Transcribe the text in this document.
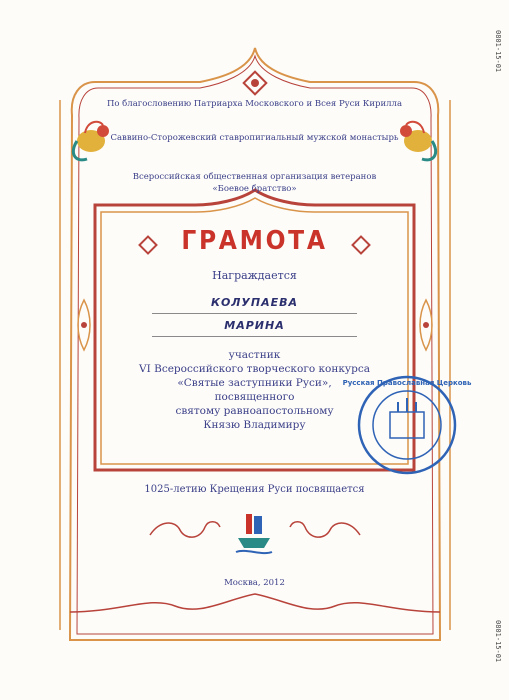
Русская Православная Церковь
0801-15-01
0801-15-01
По благословению Патриарха Московского и Всея Руси Кирилла
Саввино-Сторожевский ставропигиальный мужской монастырь
Всероссийская общественная организация ветеранов
«Боевое братство»
ГРАМОТА
Награждается
КОЛУПАЕВА
МАРИНА
участник
VI Всероссийского творческого конкурса
«Святые заступники Руси»,
посвященного
святому равноапостольному
Князю Владимиру
1025-летию Крещения Руси посвящается
Москва, 2012
